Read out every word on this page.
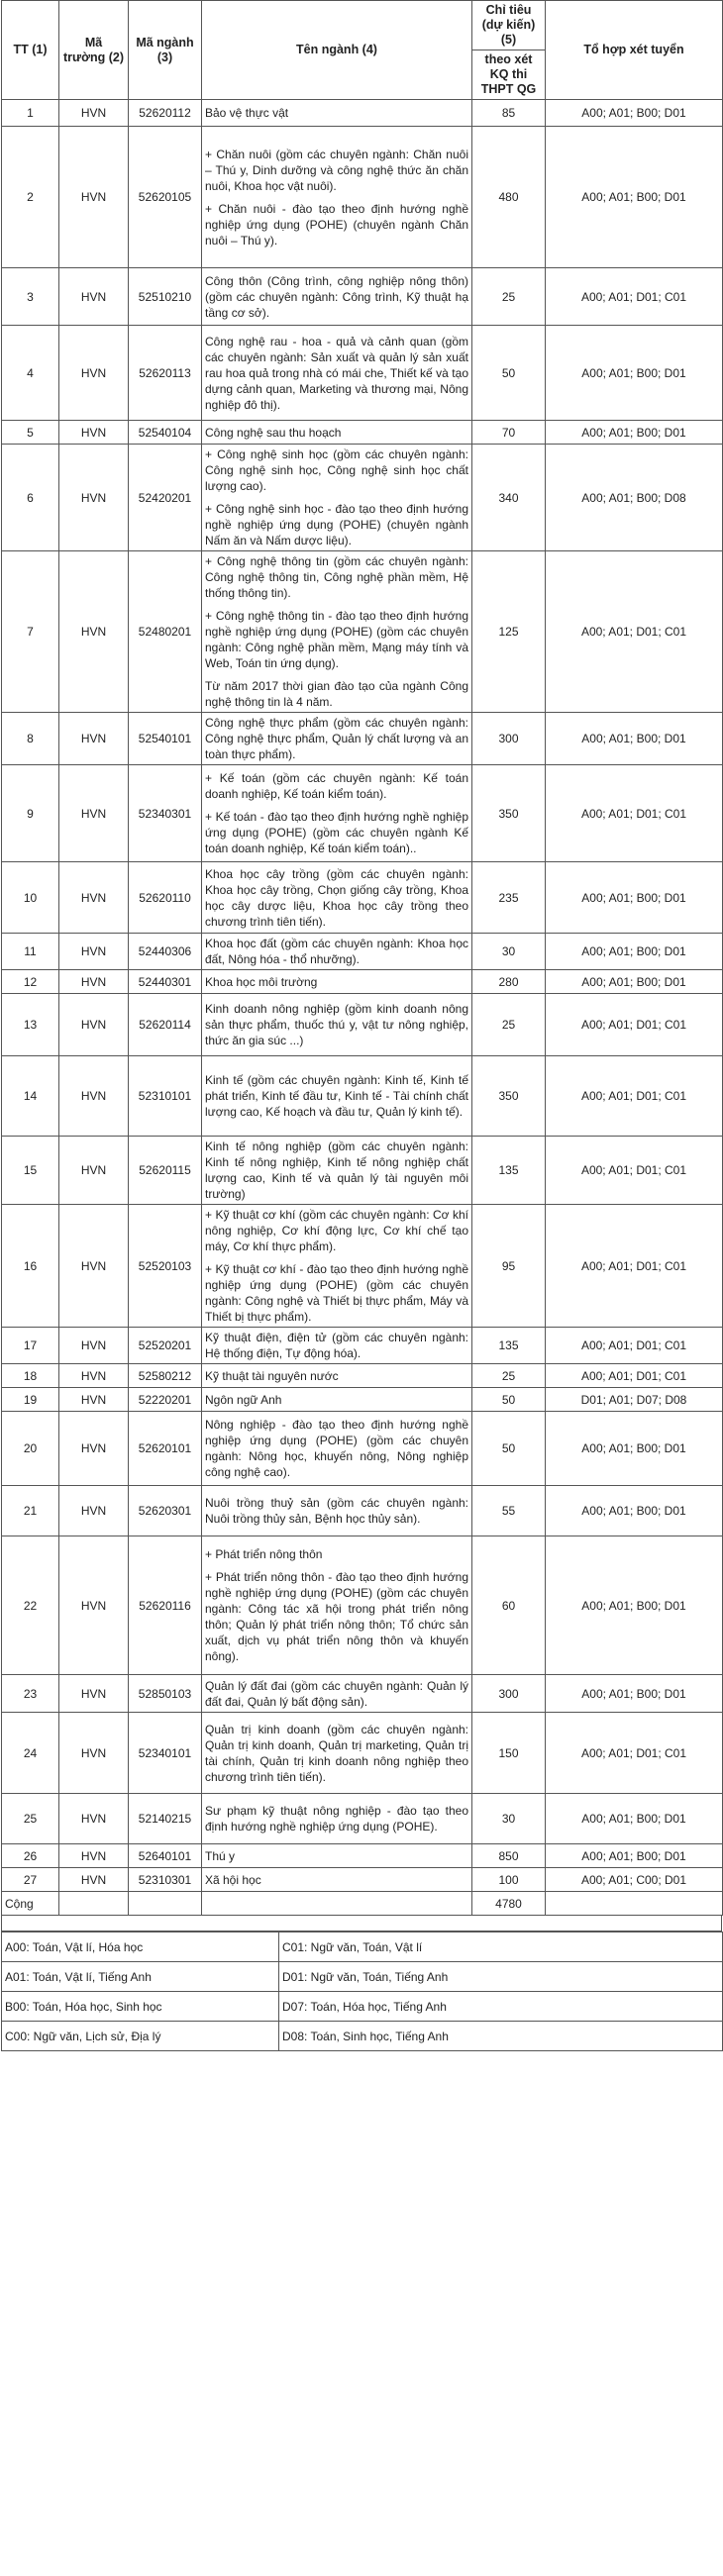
TT (1)	Mã trường (2)	Mã ngành (3)	Tên ngành (4)	Chỉ tiêu (dự kiến) (5)	Tổ hợp xét tuyển
				theo xét KQ thi THPT QG	
1	HVN	52620112	Bảo vệ thực vật	85	A00; A01; B00; D01
2	HVN	52620105	+ Chăn nuôi (gồm các chuyên ngành: Chăn nuôi – Thú y, Dinh dưỡng và công nghệ thức ăn chăn nuôi, Khoa học vật nuôi).

+ Chăn nuôi - đào tạo theo định hướng nghề nghiệp ứng dụng (POHE) (chuyên ngành Chăn nuôi – Thú y).	480	A00; A01; B00; D01
3	HVN	52510210	Công thôn (Công trình, công nghiệp nông thôn) (gồm các chuyên ngành: Công trình, Kỹ thuật hạ tầng cơ sở).	25	A00; A01; D01; C01
4	HVN	52620113	Công nghệ rau - hoa - quả và cảnh quan (gồm các chuyên ngành: Sản xuất và quản lý sản xuất rau hoa quả trong nhà có mái che, Thiết kế và tạo dựng cảnh quan, Marketing và thương mại, Nông nghiệp đô thị).	50	A00; A01; B00; D01
5	HVN	52540104	Công nghệ sau thu hoạch	70	A00; A01; B00; D01
6	HVN	52420201	+ Công nghệ sinh học (gồm các chuyên ngành: Công nghệ sinh học, Công nghệ sinh học chất lượng cao).

+ Công nghệ sinh học - đào tạo theo định hướng nghề nghiệp ứng dụng (POHE) (chuyên ngành Nấm ăn và Nấm dược liệu).	340	A00; A01; B00; D08
7	HVN	52480201	+ Công nghệ thông tin (gồm các chuyên ngành: Công nghệ thông tin, Công nghệ phần mềm, Hệ thống thông tin).

+ Công nghệ thông tin - đào tạo theo định hướng nghề nghiệp ứng dụng (POHE) (gồm các chuyên ngành: Công nghệ phần mềm, Mạng máy tính và Web, Toán tin ứng dụng).

Từ năm 2017 thời gian đào tạo của ngành Công nghệ thông tin là 4 năm.	125	A00; A01; D01; C01
8	HVN	52540101	Công nghệ thực phẩm (gồm các chuyên ngành: Công nghệ thực phẩm, Quản lý chất lượng và an toàn thực phẩm).	300	A00; A01; B00; D01
9	HVN	52340301	+ Kế toán (gồm các chuyên ngành: Kế toán doanh nghiệp, Kế toán kiểm toán).

+ Kế toán - đào tạo theo định hướng nghề nghiệp ứng dụng (POHE) (gồm các chuyên ngành Kế toán doanh nghiệp, Kế toán kiểm toán)..	350	A00; A01; D01; C01
10	HVN	52620110	Khoa học cây trồng (gồm các chuyên ngành: Khoa học cây trồng, Chọn giống cây trồng, Khoa học cây dược liệu, Khoa học cây trồng theo chương trình tiên tiến).	235	A00; A01; B00; D01
11	HVN	52440306	Khoa học đất (gồm các chuyên ngành: Khoa học đất, Nông hóa - thổ nhưỡng).	30	A00; A01; B00; D01
12	HVN	52440301	Khoa học môi trường	280	A00; A01; B00; D01
13	HVN	52620114	Kinh doanh nông nghiệp (gồm kinh doanh nông sản thực phẩm, thuốc thú y, vật tư nông nghiệp, thức ăn gia súc ...)	25	A00; A01; D01; C01
14	HVN	52310101	Kinh tế (gồm các chuyên ngành: Kinh tế, Kinh tế phát triển, Kinh tế đầu tư, Kinh tế - Tài chính chất lượng cao, Kế hoạch và đầu tư, Quản lý kinh tế).	350	A00; A01; D01; C01
15	HVN	52620115	Kinh tế nông nghiệp (gồm các chuyên ngành: Kinh tế nông nghiệp, Kinh tế nông nghiệp chất lượng cao, Kinh tế và quản lý tài nguyên môi trường)	135	A00; A01; D01; C01
16	HVN	52520103	+ Kỹ thuật cơ khí (gồm các chuyên ngành: Cơ khí nông nghiệp, Cơ khí động lực, Cơ khí chế tạo máy, Cơ khí thực phẩm).

+ Kỹ thuật cơ khí - đào tạo theo định hướng nghề nghiệp ứng dụng (POHE) (gồm các chuyên ngành: Công nghệ và Thiết bị thực phẩm, Máy và Thiết bị thực phẩm).	95	A00; A01; D01; C01
17	HVN	52520201	Kỹ thuật điện, điện tử (gồm các chuyên ngành: Hệ thống điện, Tự động hóa).	135	A00; A01; D01; C01
18	HVN	52580212	Kỹ thuật tài nguyên nước	25	A00; A01; D01; C01
19	HVN	52220201	Ngôn ngữ Anh	50	D01; A01; D07; D08
20	HVN	52620101	Nông nghiệp - đào tạo theo định hướng nghề nghiệp ứng dụng (POHE) (gồm các chuyên ngành: Nông học, khuyến nông, Nông nghiệp công nghệ cao).	50	A00; A01; B00; D01
21	HVN	52620301	Nuôi trồng thuỷ sản (gồm các chuyên ngành: Nuôi trồng thủy sản, Bệnh học thủy sản).	55	A00; A01; B00; D01
22	HVN	52620116	+ Phát triển nông thôn

+ Phát triển nông thôn - đào tạo theo định hướng nghề nghiệp ứng dụng (POHE) (gồm các chuyên ngành: Công tác xã hội trong phát triển nông thôn; Quản lý phát triển nông thôn; Tổ chức sản xuất, dịch vụ phát triển nông thôn và khuyến nông).	60	A00; A01; B00; D01
23	HVN	52850103	Quản lý đất đai (gồm các chuyên ngành: Quản lý đất đai, Quản lý bất động sản).	300	A00; A01; B00; D01
24	HVN	52340101	Quản trị kinh doanh (gồm các chuyên ngành: Quản trị kinh doanh, Quản trị marketing, Quản trị tài chính, Quản trị kinh doanh nông nghiệp theo chương trình tiên tiến).	150	A00; A01; D01; C01
25	HVN	52140215	Sư phạm kỹ thuật nông nghiệp - đào tạo theo định hướng nghề nghiệp ứng dụng (POHE).	30	A00; A01; B00; D01
26	HVN	52640101	Thú y	850	A00; A01; B00; D01
27	HVN	52310301	Xã hội học	100	A00; A01; C00; D01
Cộng				4780	
A00: Toán, Vật lí, Hóa học	C01: Ngữ văn, Toán, Vật lí
A01: Toán, Vật lí, Tiếng Anh	D01: Ngữ văn, Toán, Tiếng Anh
B00: Toán, Hóa học, Sinh học	D07: Toán, Hóa học, Tiếng Anh
C00: Ngữ văn, Lịch sử, Địa lý	D08: Toán, Sinh học, Tiếng Anh
